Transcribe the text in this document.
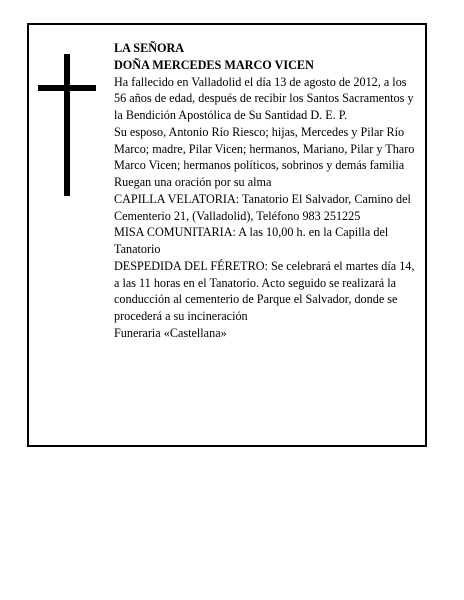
LA SEÑORA

DOÑA MERCEDES MARCO VICEN

Ha fallecido en Valladolid el día 13 de agosto de 2012, a los 56 años de edad, después de recibir los Santos Sacramentos y la Bendición Apostólica de Su Santidad D. E. P.

Su esposo, Antonio Río Riesco; hijas, Mercedes y Pilar Río Marco; madre, Pilar Vicen; hermanos, Mariano, Pilar y Tharo Marco Vicen; hermanos políticos, sobrinos y demás familia

Ruegan una oración por su alma

CAPILLA VELATORIA: Tanatorio El Salvador, Camino del Cementerio 21, (Valladolid), Teléfono 983 251225

MISA COMUNITARIA: A las 10,00 h. en la Capilla del Tanatorio

DESPEDIDA DEL FÉRETRO: Se celebrará el martes día 14, a las 11 horas en el Tanatorio. Acto seguido se realizará la conducción al cementerio de Parque el Salvador, donde se procederá a su incineración

Funeraria «Castellana»
